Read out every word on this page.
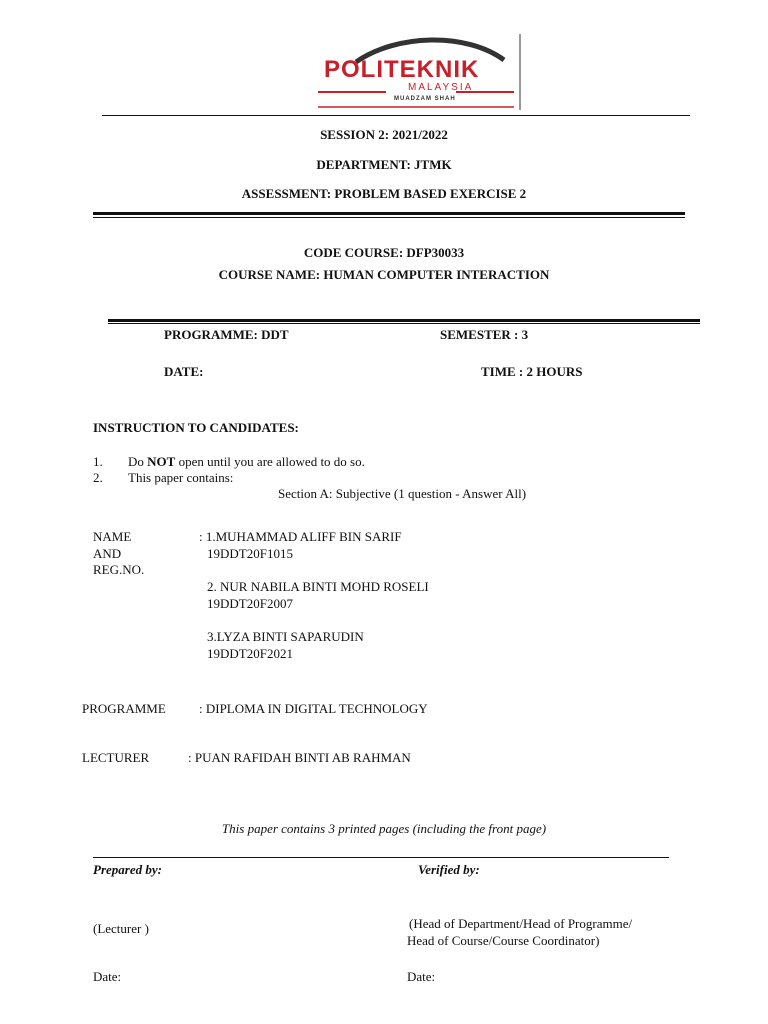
POLITEKNIK
MALAYSIA
MUADZAM SHAH
SESSION 2: 2021/2022
DEPARTMENT: JTMK
ASSESSMENT: PROBLEM BASED EXERCISE 2
CODE COURSE: DFP30033
COURSE NAME: HUMAN COMPUTER INTERACTION
PROGRAMME: DDT	SEMESTER : 3
DATE:	TIME : 2 HOURS
INSTRUCTION TO CANDIDATES:
1. Do NOT open until you are allowed to do so.
2. This paper contains:
Section A: Subjective (1 question - Answer All)
NAME
AND
REG.NO.
: 1.MUHAMMAD ALIFF BIN SARIF
19DDT20F1015
2. NUR NABILA BINTI MOHD ROSELI
19DDT20F2007
3.LYZA BINTI SAPARUDIN
19DDT20F2021
PROGRAMME	: DIPLOMA IN DIGITAL TECHNOLOGY
LECTURER	: PUAN RAFIDAH BINTI AB RAHMAN
This paper contains 3 printed pages (including the front page)
Prepared by:	Verified by:
(Lecturer )	(Head of Department/Head of Programme/
Head of Course/Course Coordinator)
Date:	Date:
